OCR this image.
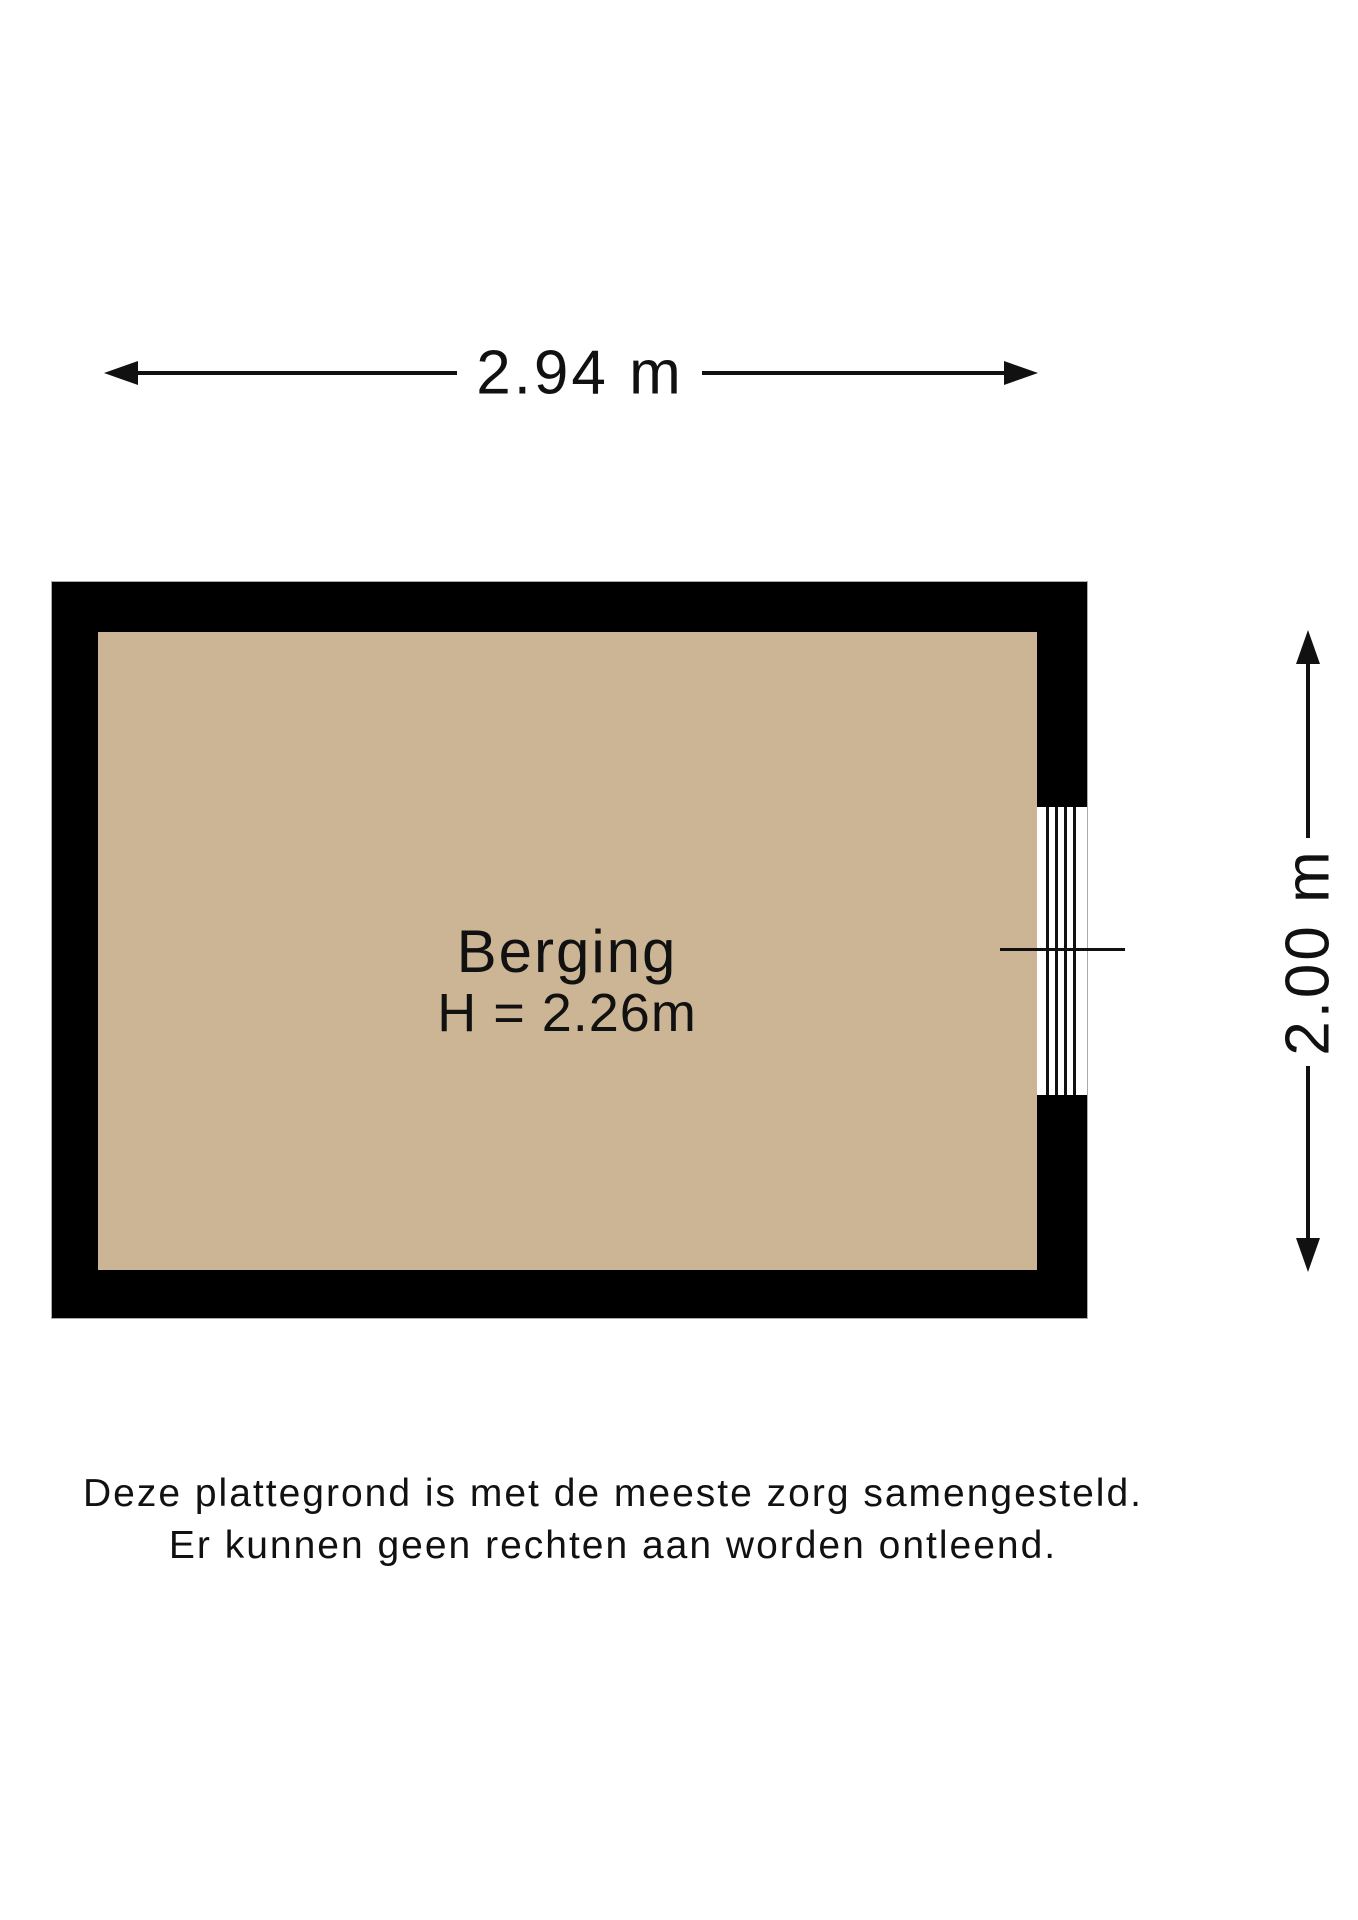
2.94 m
Berging
H = 2.26m	2.00 m
Deze plattegrond is met de meeste zorg samengesteld.
Er kunnen geen rechten aan worden ontleend.
